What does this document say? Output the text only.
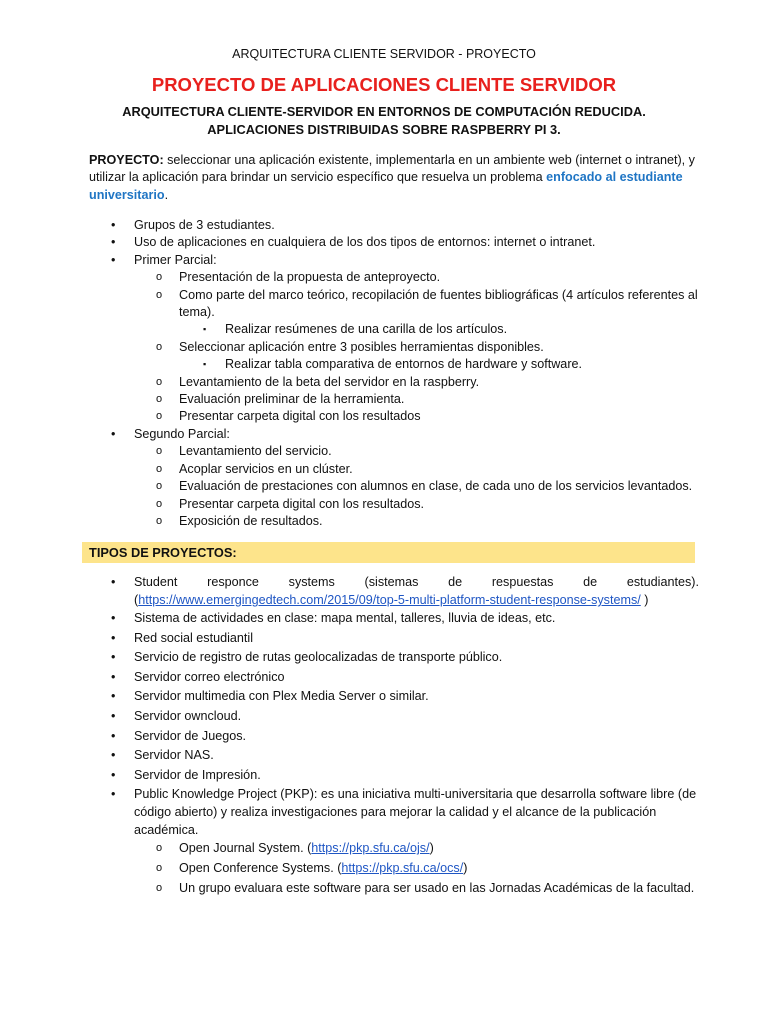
ARQUITECTURA CLIENTE SERVIDOR - PROYECTO
PROYECTO DE APLICACIONES CLIENTE SERVIDOR
ARQUITECTURA CLIENTE-SERVIDOR EN ENTORNOS DE COMPUTACIÓN REDUCIDA.
APLICACIONES DISTRIBUIDAS SOBRE RASPBERRY PI 3.
PROYECTO: seleccionar una aplicación existente, implementarla en un ambiente web (internet o intranet), y utilizar la aplicación para brindar un servicio específico que resuelva un problema enfocado al estudiante universitario.
• Grupos de 3 estudiantes.
• Uso de aplicaciones en cualquiera de los dos tipos de entornos: internet o intranet.
• Primer Parcial:
o Presentación de la propuesta de anteproyecto.
o Como parte del marco teórico, recopilación de fuentes bibliográficas (4 artículos referentes al tema).
▪ Realizar resúmenes de una carilla de los artículos.
o Seleccionar aplicación entre 3 posibles herramientas disponibles.
▪ Realizar tabla comparativa de entornos de hardware y software.
o Levantamiento de la beta del servidor en la raspberry.
o Evaluación preliminar de la herramienta.
o Presentar carpeta digital con los resultados
• Segundo Parcial:
o Levantamiento del servicio.
o Acoplar servicios en un clúster.
o Evaluación de prestaciones con alumnos en clase, de cada uno de los servicios levantados.
o Presentar carpeta digital con los resultados.
o Exposición de resultados.
TIPOS DE PROYECTOS:
• Student responce systems (sistemas de respuestas de estudiantes).
(https://www.emergingedtech.com/2015/09/top-5-multi-platform-student-response-systems/ )
• Sistema de actividades en clase: mapa mental, talleres, lluvia de ideas, etc.
• Red social estudiantil
• Servicio de registro de rutas geolocalizadas de transporte público.
• Servidor correo electrónico
• Servidor multimedia con Plex Media Server o similar.
• Servidor owncloud.
• Servidor de Juegos.
• Servidor NAS.
• Servidor de Impresión.
• Public Knowledge Project (PKP): es una iniciativa multi-universitaria que desarrolla software libre (de código abierto) y realiza investigaciones para mejorar la calidad y el alcance de la publicación académica.
o Open Journal System. (https://pkp.sfu.ca/ojs/)
o Open Conference Systems. (https://pkp.sfu.ca/ocs/)
o Un grupo evaluara este software para ser usado en las Jornadas Académicas de la facultad.
